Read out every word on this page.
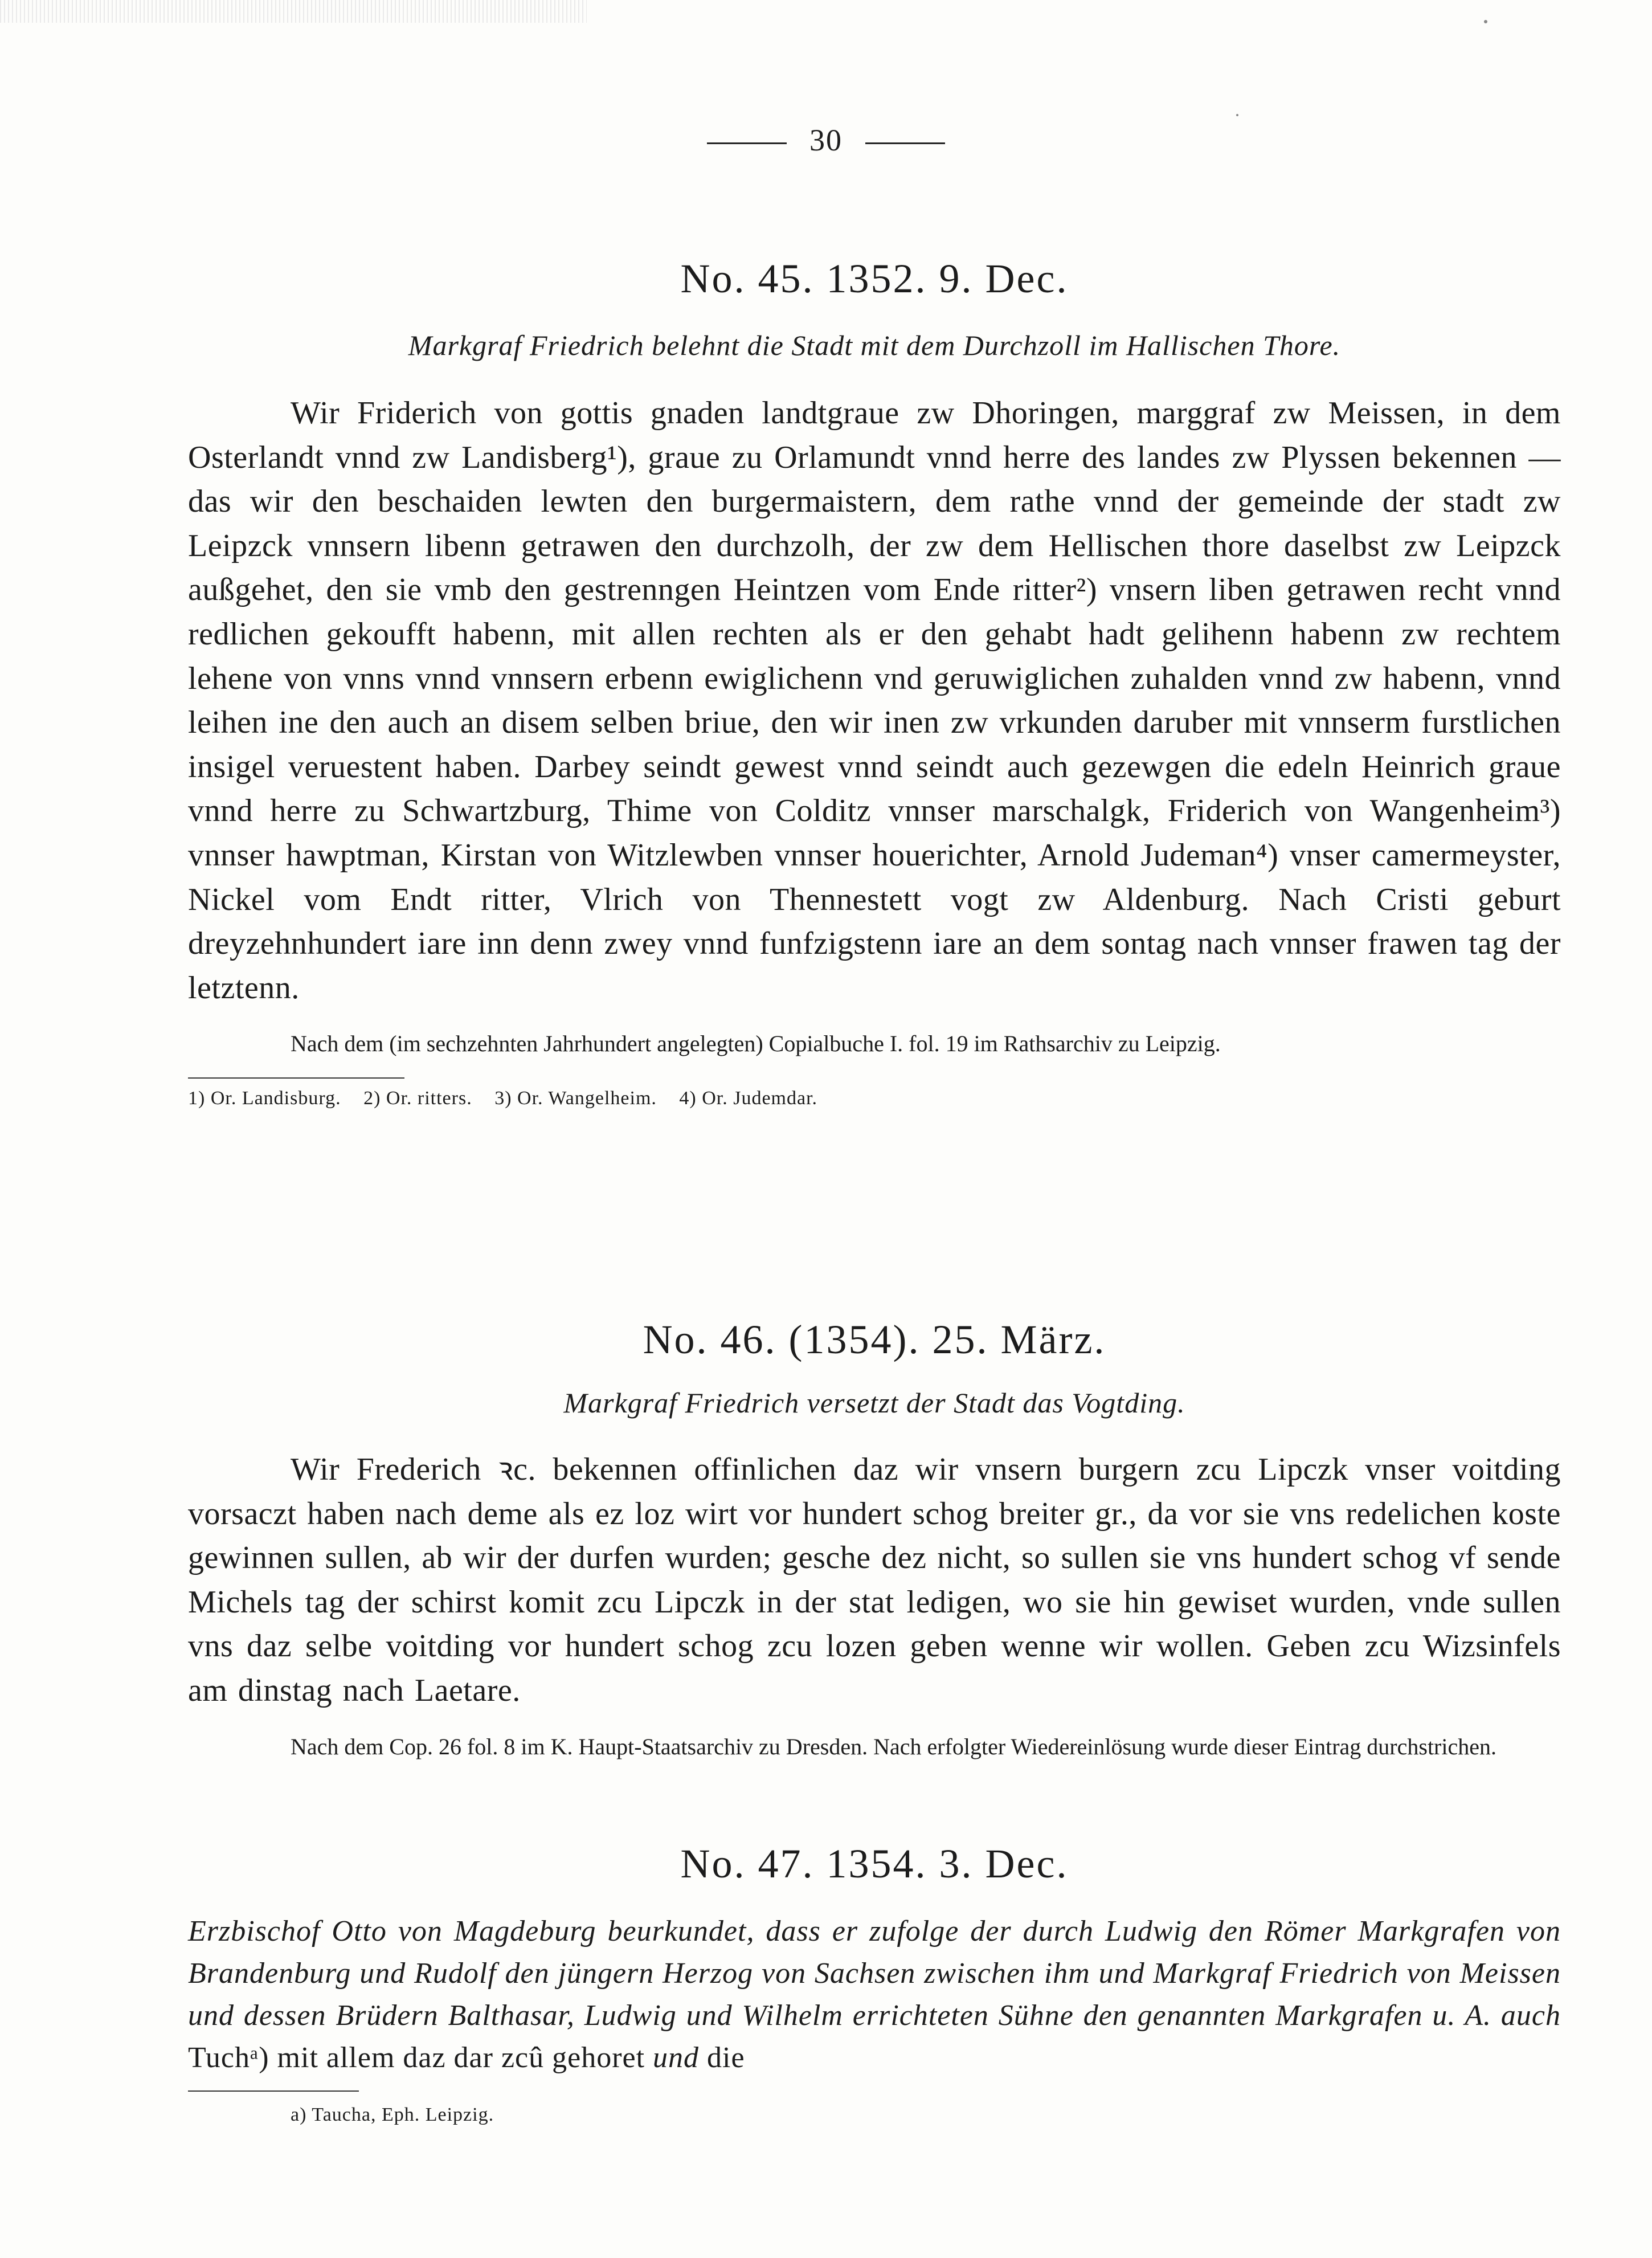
30
No. 45. 1352. 9. Dec.

Markgraf Friedrich belehnt die Stadt mit dem Durchzoll im Hallischen Thore.

Wir Friderich von gottis gnaden landtgraue zw Dhoringen, marggraf zw Meissen, in dem Osterlandt vnnd zw Landisberg¹), graue zu Orlamundt vnnd herre des landes zw Plyssen bekennen — das wir den beschaiden lewten den burgermaistern, dem rathe vnnd der gemeinde der stadt zw Leipzck vnnsern libenn getrawen den durchzolh, der zw dem Hellischen thore daselbst zw Leipzck außgehet, den sie vmb den gestrenngen Heintzen vom Ende ritter²) vnsern liben getrawen recht vnnd redlichen gekoufft habenn, mit allen rechten als er den gehabt hadt gelihenn habenn zw rechtem lehene von vnns vnnd vnnsern erbenn ewiglichenn vnd geruwiglichen zuhalden vnnd zw habenn, vnnd leihen ine den auch an disem selben briue, den wir inen zw vrkunden daruber mit vnnserm furstlichen insigel veruestent haben. Darbey seindt gewest vnnd seindt auch gezewgen die edeln Heinrich graue vnnd herre zu Schwartzburg, Thime von Colditz vnnser marschalgk, Friderich von Wangenheim³) vnnser hawptman, Kirstan von Witzlewben vnnser houerichter, Arnold Judeman⁴) vnser camermeyster, Nickel vom Endt ritter, Vlrich von Thennestett vogt zw Aldenburg. Nach Cristi geburt dreyzehnhundert iare inn denn zwey vnnd funfzigstenn iare an dem sontag nach vnnser frawen tag der letztenn.

Nach dem (im sechzehnten Jahrhundert angelegten) Copialbuche I. fol. 19 im Rathsarchiv zu Leipzig.

1) Or. Landisburg. 2) Or. ritters. 3) Or. Wangelheim. 4) Or. Judemdar.
No. 46. (1354). 25. März.

Markgraf Friedrich versetzt der Stadt das Vogtding.

Wir Frederich ꝛc. bekennen offinlichen daz wir vnsern burgern zcu Lipczk vnser voitding vorsaczt haben nach deme als ez loz wirt vor hundert schog breiter gr., da vor sie vns redelichen koste gewinnen sullen, ab wir der durfen wurden; gesche dez nicht, so sullen sie vns hundert schog vf sende Michels tag der schirst komit zcu Lipczk in der stat ledigen, wo sie hin gewiset wurden, vnde sullen vns daz selbe voitding vor hundert schog zcu lozen geben wenne wir wollen. Geben zcu Wizsinfels am dinstag nach Laetare.

Nach dem Cop. 26 fol. 8 im K. Haupt-Staatsarchiv zu Dresden. Nach erfolgter Wiedereinlösung wurde dieser Eintrag durchstrichen.

No. 47. 1354. 3. Dec.

Erzbischof Otto von Magdeburg beurkundet, dass er zufolge der durch Ludwig den Römer Markgrafen von Brandenburg und Rudolf den jüngern Herzog von Sachsen zwischen ihm und Markgraf Friedrich von Meissen und dessen Brüdern Balthasar, Ludwig und Wilhelm errichteten Sühne den genannten Markgrafen u. A. auch Tuchᵃ) mit allem daz dar zcû gehoret und die

a) Taucha, Eph. Leipzig.
